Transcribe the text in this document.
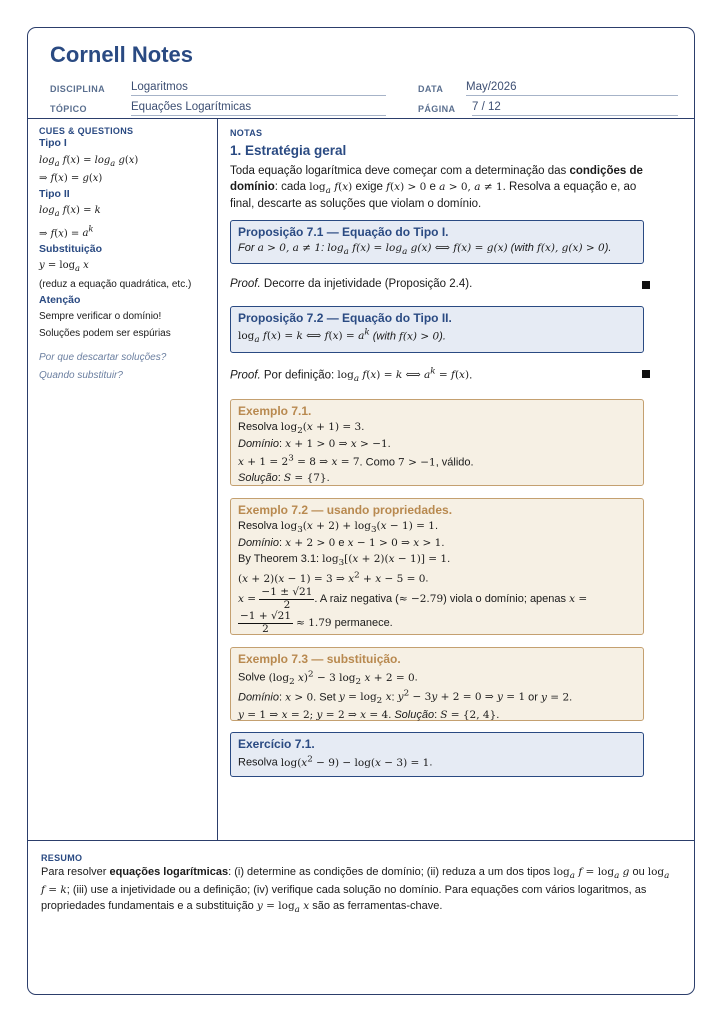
Cornell Notes
DISCIPLINA Logaritmos	DATA May/2026
TÓPICO	Equações Logarítmicas	PÁGINA 7 / 12
CUES & QUESTIONS
Tipo I
$\log_a f(x) = \log_a g(x)$
⇒ f(x) = g(x)
Tipo II
$\log_a f(x) = k$
⇒ $f(x) = a^k$
Substituição
$y = \log_a x$
(reduz a equação quadrática, etc.)
Atenção
Sempre verificar o domínio!
Soluções podem ser espúrias
Por que descartar soluções?
Quando substituir?
NOTAS
1. Estratégia geral
Toda equação logarítmica deve começar com a determinação das condições de domínio: cada $\log_a f(x)$ exige f(x) > 0 e a > 0, a ≠ 1. Resolva a equação e, ao final, descarte as soluções que violam o domínio.
Proposição 7.1 — Equação do Tipo I.
For a > 0, a ≠ 1: $\log_a f(x) = \log_a g(x)$ ⟺ f(x) = g(x) (with f(x), g(x) > 0).
Proof. Decorre da injetividade (Proposição 2.4).
Proposição 7.2 — Equação do Tipo II.
$\log_a f(x) = k$ ⟺ $f(x) = a^k$ (with f(x) > 0).
Proof. Por definição: $\log_a f(x) = k$ ⟺ $a^k = f(x)$.
Exemplo 7.1.
Resolva $\log_2(x + 1) = 3$.
Domínio: x + 1 > 0 ⇒ x > −1.
$x + 1 = 2^3 = 8$ ⇒ x = 7. Como 7 > −1, válido.
Solução: S = {7}.
Exemplo 7.2 — usando propriedades.
Resolva $\log_3(x + 2) + \log_3(x - 1) = 1$.
Domínio: x + 2 > 0 e x − 1 > 0 ⇒ x > 1.
By Theorem 3.1: $\log_3[(x + 2)(x - 1)] = 1$.
(x + 2)(x − 1) = 3 ⇒ $x^2 + x - 5 = 0$.
$x = \frac{-1 \pm √21}{2}$ . A raiz negativa (≈ −2.79) viola o domínio; apenas x =

$\frac{-1 + √21}{2} \approx 1.79$ permanece.
Exemplo 7.3 — substituição.
Solve ($\log_2$ x)$^2$ − 3 $\log_2 x + 2 = 0$.
Domínio: x > 0. Set $y = \log_2 x$: $y^2 - 3y + 2 = 0$ ⇒ y = 1 or y = 2.
y = 1 ⇒ x = 2; y = 2 ⇒ x = 4. Solução: S = {2, 4}.
Exercício 7.1.
Resolva $\log(x^2 - 9) - \log(x - 3) = 1$.
RESUMO
Para resolver equações logarítmicas: (i) determine as condições de domínio; (ii) reduza a um dos tipos $\log_a f = \log_a g$ ou $\log_a f = k$; (iii) use a injetividade ou a definição; (iv) verifique cada solução no domínio. Para equações com vários logaritmos, as propriedades fundamentais e a substituição $y = \log_a x$ são as ferramentas-chave.
